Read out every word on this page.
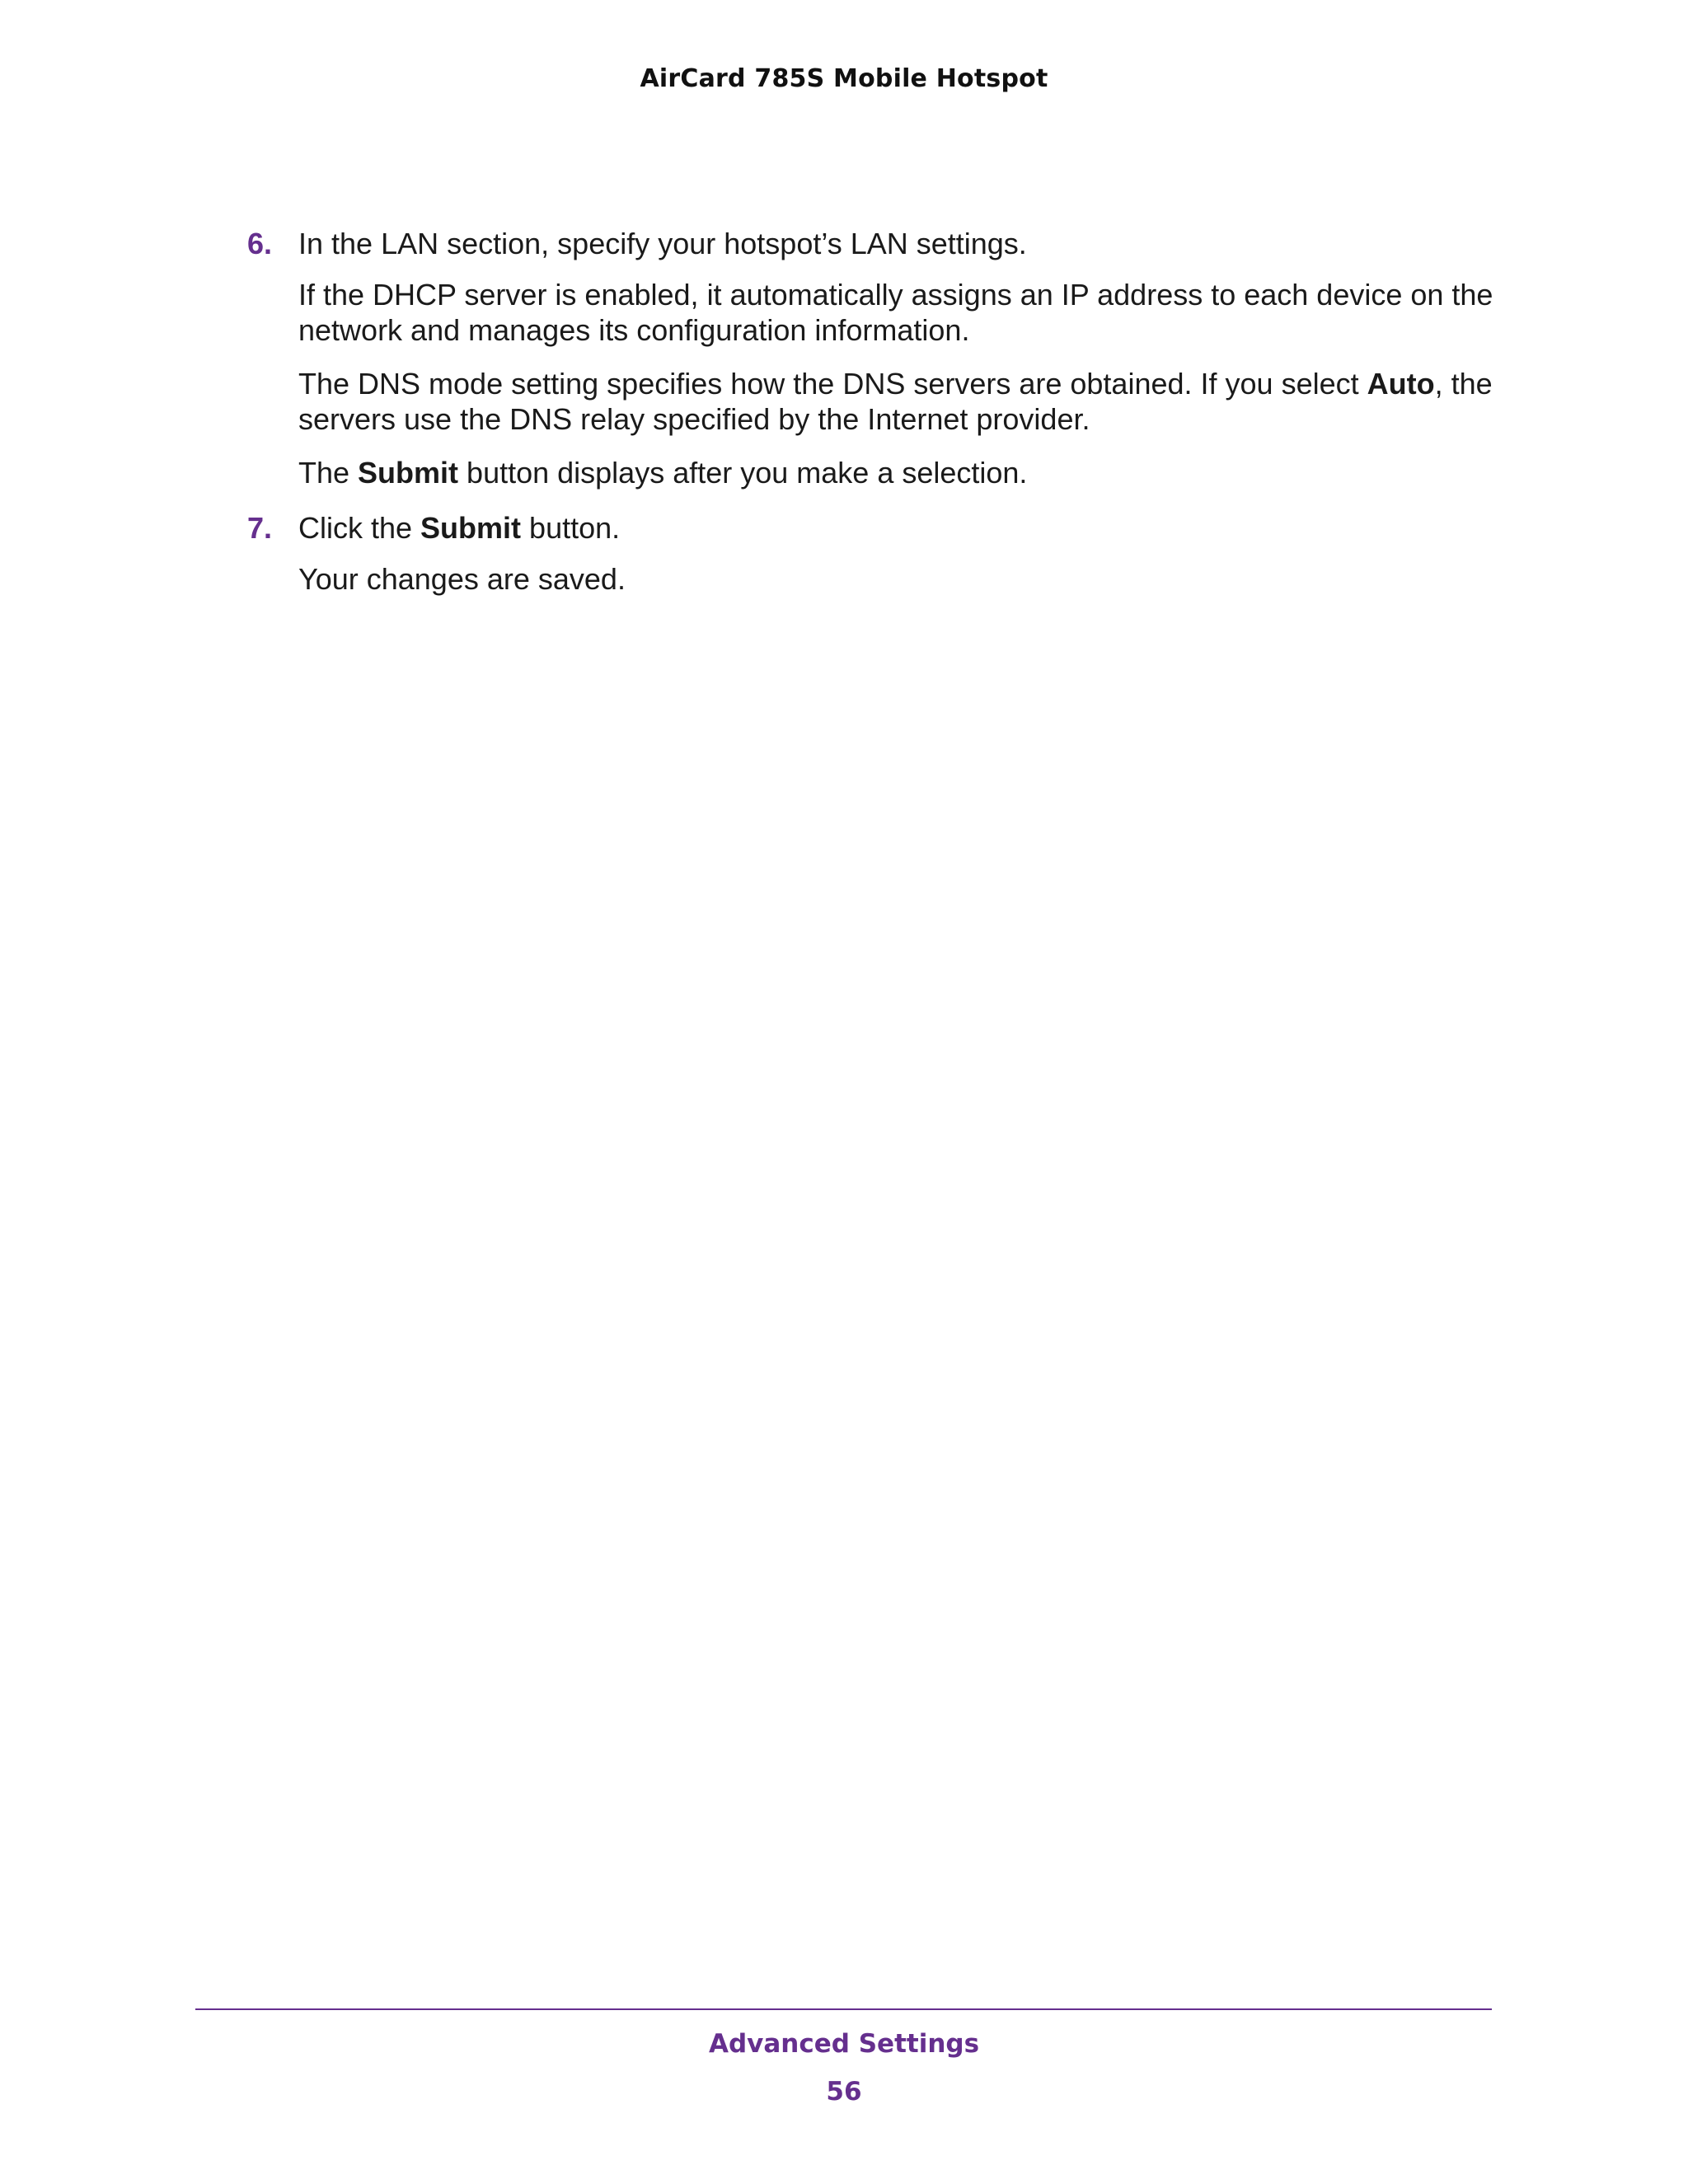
AirCard 785S Mobile Hotspot
6. In the LAN section, specify your hotspot’s LAN settings.

If the DHCP server is enabled, it automatically assigns an IP address to each device on the network and manages its configuration information.

The DNS mode setting specifies how the DNS servers are obtained. If you select Auto, the servers use the DNS relay specified by the Internet provider.

The Submit button displays after you make a selection.

7. Click the Submit button.

Your changes are saved.

Advanced Settings
56
